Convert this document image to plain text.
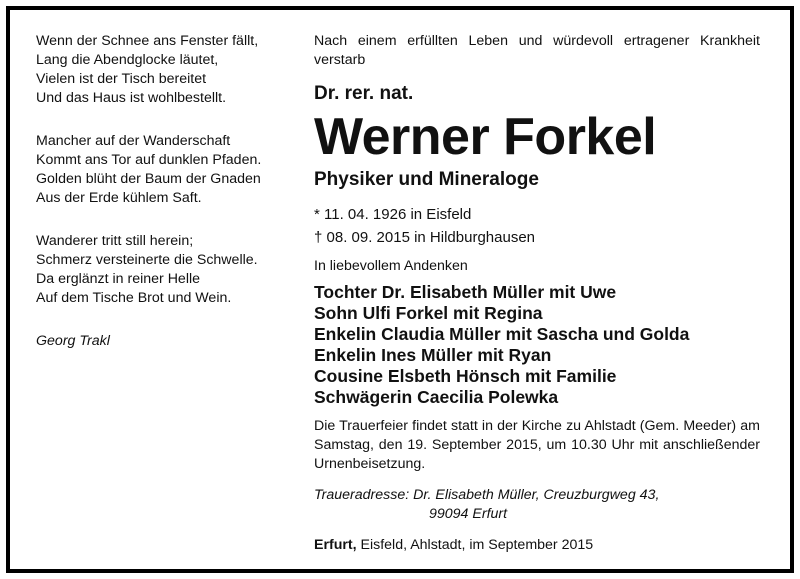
Wenn der Schnee ans Fenster fällt,
Lang die Abendglocke läutet,
Vielen ist der Tisch bereitet
Und das Haus ist wohlbestellt.
Mancher auf der Wanderschaft
Kommt ans Tor auf dunklen Pfaden.
Golden blüht der Baum der Gnaden
Aus der Erde kühlem Saft.
Wanderer tritt still herein;
Schmerz versteinerte die Schwelle.
Da erglänzt in reiner Helle
Auf dem Tische Brot und Wein.
Georg Trakl
Nach einem erfüllten Leben und würdevoll ertragener Krankheit verstarb
Dr. rer. nat.
Werner Forkel
Physiker und Mineraloge
* 11. 04. 1926 in Eisfeld
† 08. 09. 2015 in Hildburghausen
In liebevollem Andenken
Tochter Dr. Elisabeth Müller mit Uwe
Sohn Ulfi Forkel mit Regina
Enkelin Claudia Müller mit Sascha und Golda
Enkelin Ines Müller mit Ryan
Cousine Elsbeth Hönsch mit Familie
Schwägerin Caecilia Polewka
Die Trauerfeier findet statt in der Kirche zu Ahlstadt (Gem. Meeder) am Samstag, den 19. September 2015, um 10.30 Uhr mit anschließender Urnenbeisetzung.
Traueradresse: Dr. Elisabeth Müller, Creuzburgweg 43,
99094 Erfurt
Erfurt, Eisfeld, Ahlstadt, im September 2015
